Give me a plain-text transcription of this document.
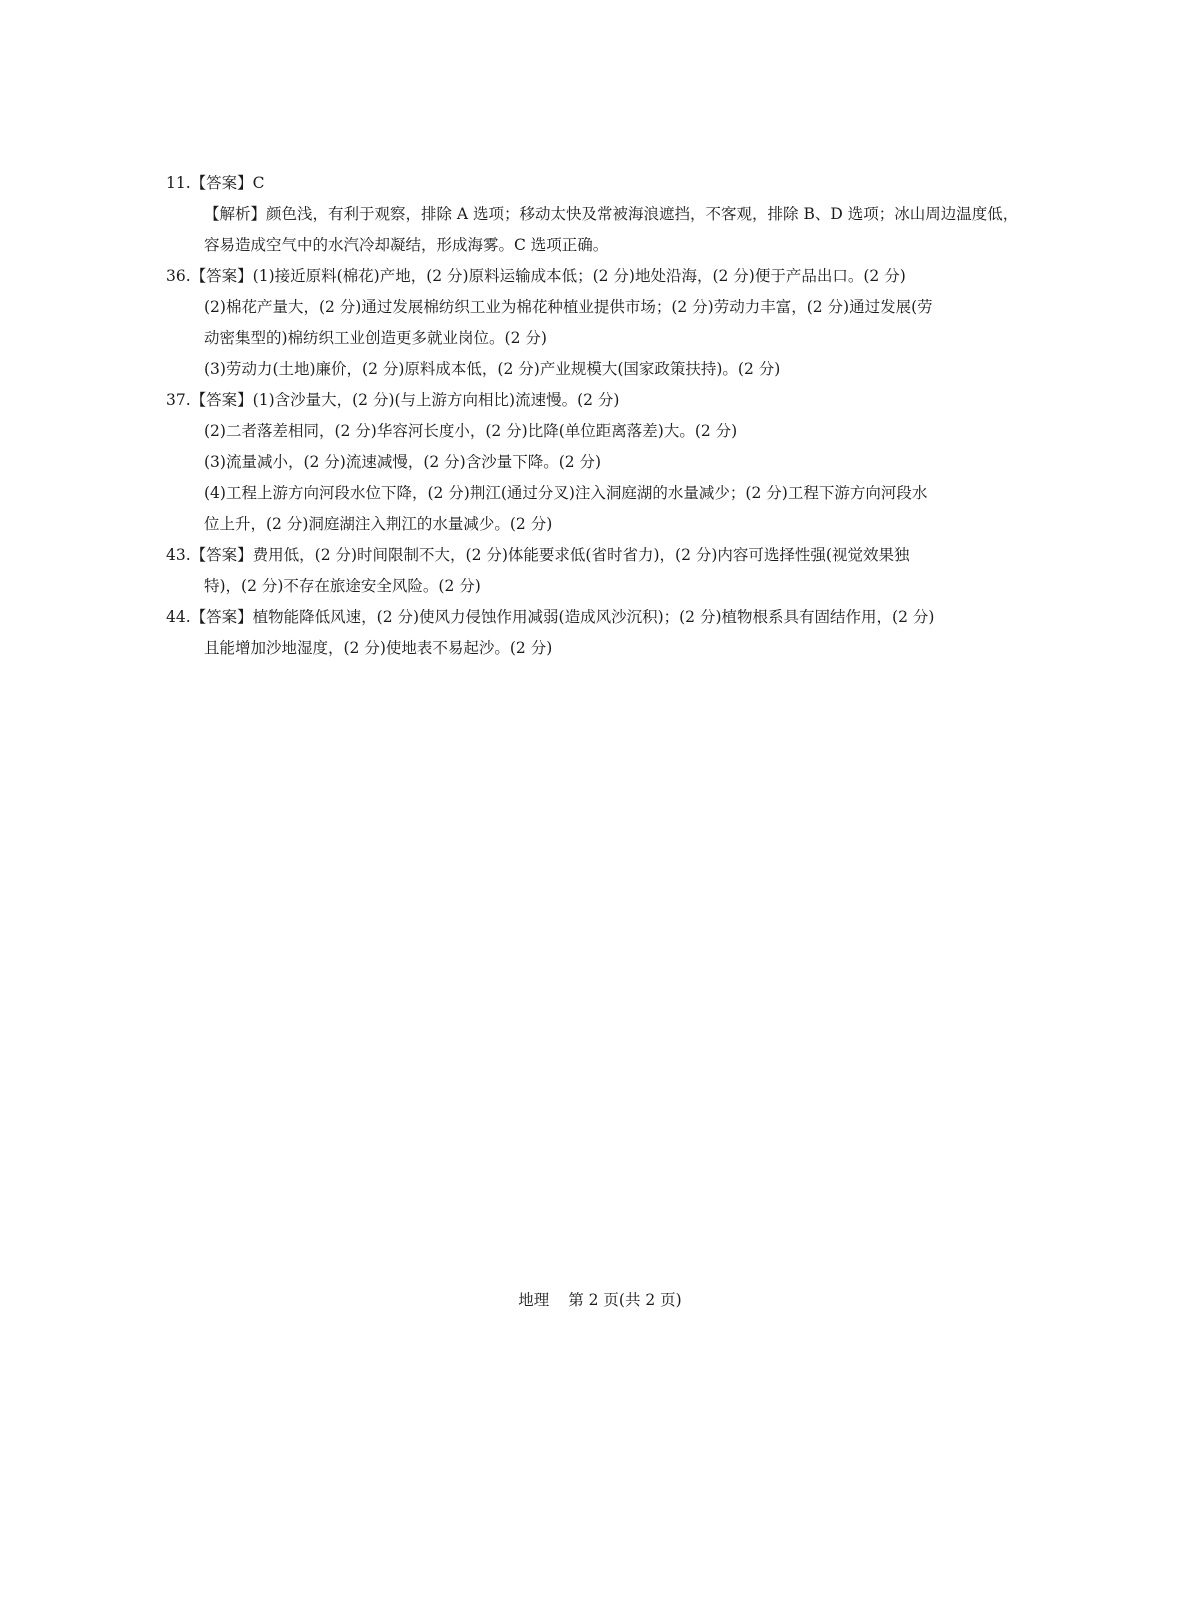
11. 【答案】C
【解析】颜色浅，有利于观察，排除 A 选项；移动太快及常被海浪遮挡，不客观，排除 B、D 选项；冰山周边温度低，
容易造成空气中的水汽冷却凝结，形成海雾。C 选项正确。
36. 【答案】(1)接近原料(棉花)产地，(2 分)原料运输成本低；(2 分)地处沿海，(2 分)便于产品出口。(2 分)
(2)棉花产量大，(2 分)通过发展棉纺织工业为棉花种植业提供市场；(2 分)劳动力丰富，(2 分)通过发展(劳
动密集型的)棉纺织工业创造更多就业岗位。(2 分)
(3)劳动力(土地)廉价，(2 分)原料成本低，(2 分)产业规模大(国家政策扶持)。(2 分)
37. 【答案】(1)含沙量大，(2 分)(与上游方向相比)流速慢。(2 分)
(2)二者落差相同，(2 分)华容河长度小，(2 分)比降(单位距离落差)大。(2 分)
(3)流量减小，(2 分)流速减慢，(2 分)含沙量下降。(2 分)
(4)工程上游方向河段水位下降，(2 分)荆江(通过分叉)注入洞庭湖的水量减少；(2 分)工程下游方向河段水
位上升，(2 分)洞庭湖注入荆江的水量减少。(2 分)
43. 【答案】费用低，(2 分)时间限制不大，(2 分)体能要求低(省时省力)，(2 分)内容可选择性强(视觉效果独
特)，(2 分)不存在旅途安全风险。(2 分)
44. 【答案】植物能降低风速，(2 分)使风力侵蚀作用减弱(造成风沙沉积)；(2 分)植物根系具有固结作用，(2 分)
且能增加沙地湿度，(2 分)使地表不易起沙。(2 分)
地理 第 2 页(共 2 页)
